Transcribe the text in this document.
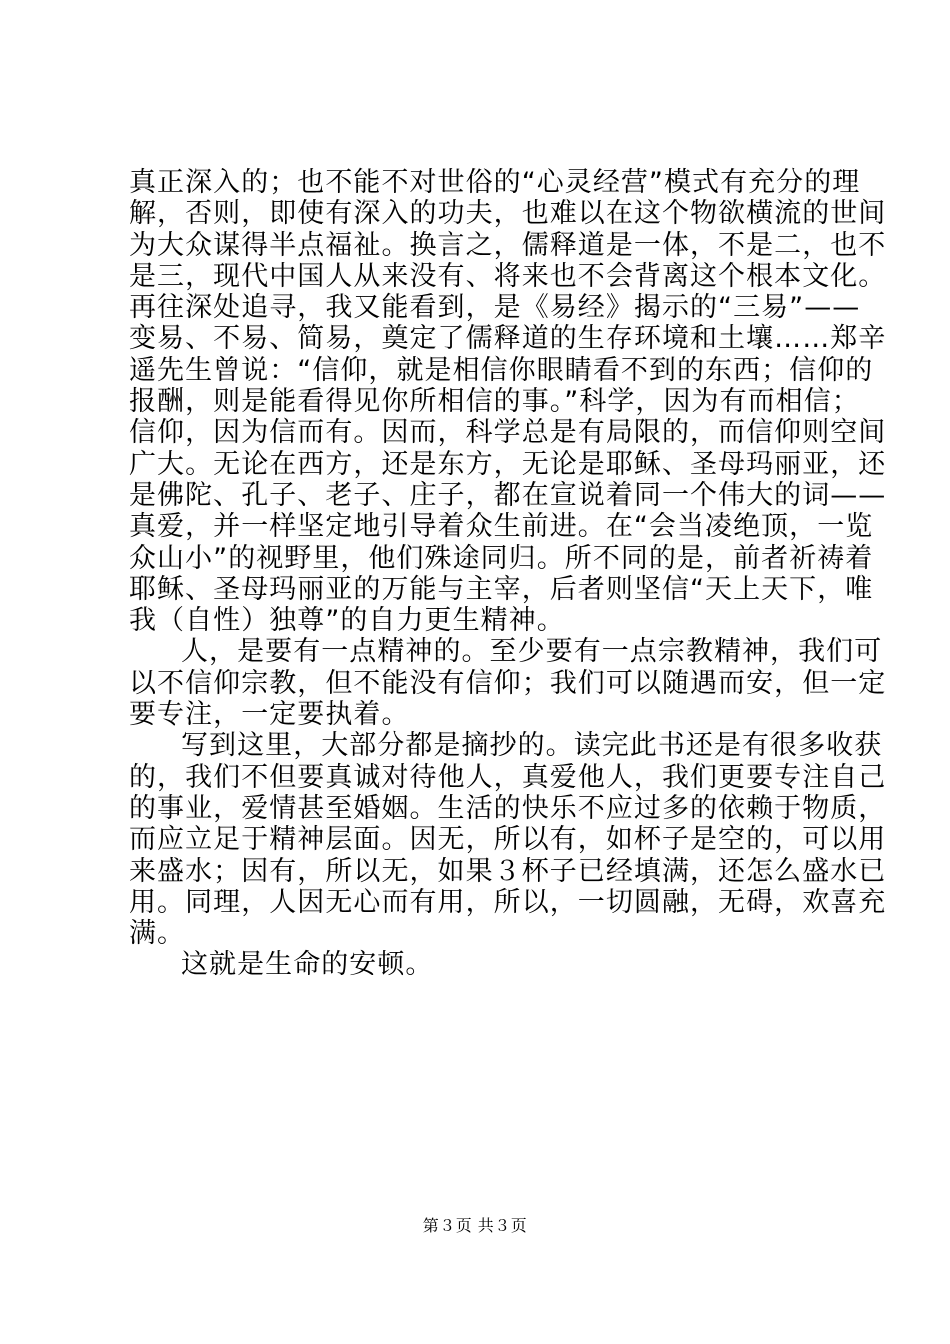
真正深入的；也不能不对世俗的“心灵经营”模式有充分的理
解，否则，即使有深入的功夫，也难以在这个物欲横流的世间
为大众谋得半点福祉。换言之，儒释道是一体，不是二，也不
是三，现代中国人从来没有、将来也不会背离这个根本文化。
再往深处追寻，我又能看到，是《易经》揭示的“三易”——
变易、不易、简易，奠定了儒释道的生存环境和土壤……郑辛
遥先生曾说：“信仰，就是相信你眼睛看不到的东西；信仰的
报酬，则是能看得见你所相信的事。”科学，因为有而相信；
信仰，因为信而有。因而，科学总是有局限的，而信仰则空间
广大。无论在西方，还是东方，无论是耶稣、圣母玛丽亚，还
是佛陀、孔子、老子、庄子，都在宣说着同一个伟大的词——
真爱，并一样坚定地引导着众生前进。在“会当凌绝顶，一览
众山小”的视野里，他们殊途同归。所不同的是，前者祈祷着
耶稣、圣母玛丽亚的万能与主宰，后者则坚信“天上天下，唯
我（自性）独尊”的自力更生精神。
人，是要有一点精神的。至少要有一点宗教精神，我们可
以不信仰宗教，但不能没有信仰；我们可以随遇而安，但一定
要专注，一定要执着。
写到这里，大部分都是摘抄的。读完此书还是有很多收获
的，我们不但要真诚对待他人，真爱他人，我们更要专注自己
的事业，爱情甚至婚姻。生活的快乐不应过多的依赖于物质，
而应立足于精神层面。因无，所以有，如杯子是空的，可以用
来盛水；因有，所以无，如果３杯子已经填满，还怎么盛水已
用。同理，人因无心而有用，所以，一切圆融，无碍，欢喜充
满。
这就是生命的安顿。
第３页 共３页
